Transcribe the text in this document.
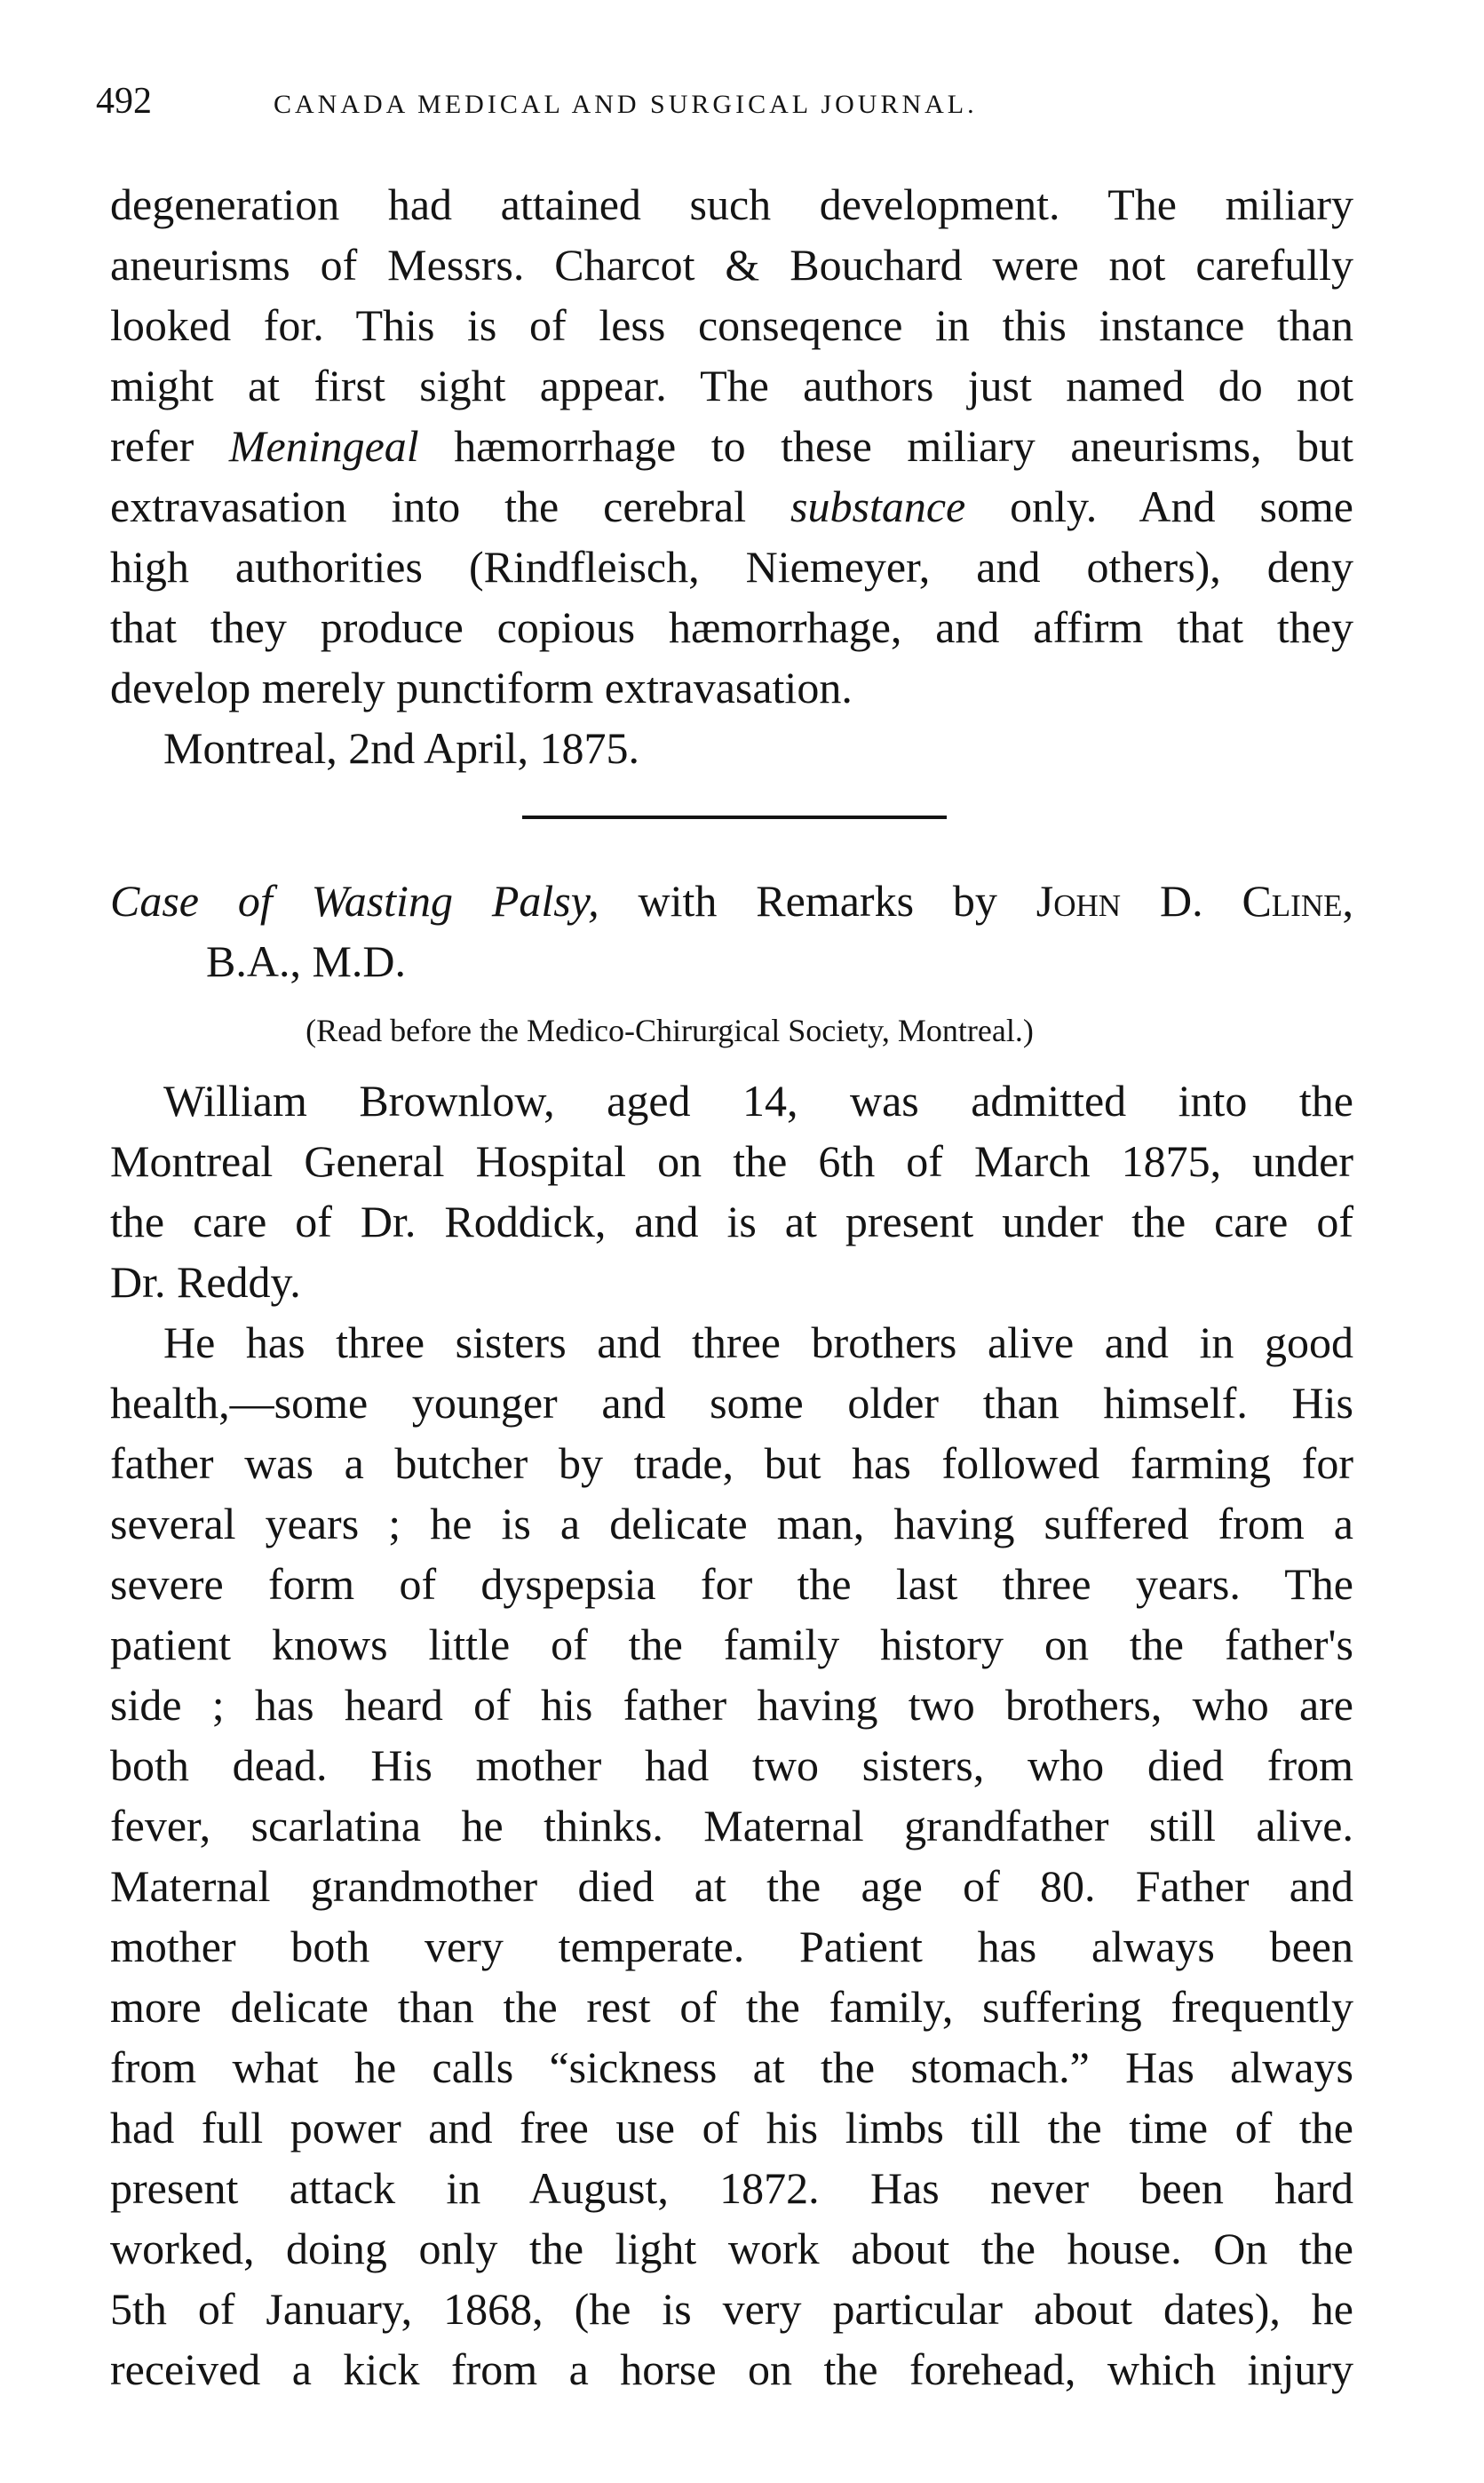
492	CANADA MEDICAL AND SURGICAL JOURNAL.
degeneration had attained such development. The miliary
aneurisms of Messrs. Charcot & Bouchard were not carefully
looked for. This is of less conseqence in this instance than
might at first sight appear. The authors just named do not
refer Meningeal hæmorrhage to these miliary aneurisms, but
extravasation into the cerebral substance only. And some
high authorities (Rindfleisch, Niemeyer, and others), deny
that they produce copious hæmorrhage, and affirm that they
develop merely punctiform extravasation.
Montreal, 2nd April, 1875.
Case of Wasting Palsy, with Remarks by John D. Cline,
B.A., M.D.
(Read before the Medico-Chirurgical Society, Montreal.)
William Brownlow, aged 14, was admitted into the
Montreal General Hospital on the 6th of March 1875, under
the care of Dr. Roddick, and is at present under the care of
Dr. Reddy.
He has three sisters and three brothers alive and in good
health,—some younger and some older than himself. His
father was a butcher by trade, but has followed farming for
several years ; he is a delicate man, having suffered from a
severe form of dyspepsia for the last three years. The
patient knows little of the family history on the father's
side ; has heard of his father having two brothers, who are
both dead. His mother had two sisters, who died from
fever, scarlatina he thinks. Maternal grandfather still alive.
Maternal grandmother died at the age of 80. Father and
mother both very temperate. Patient has always been
more delicate than the rest of the family, suffering frequently
from what he calls “sickness at the stomach.” Has always
had full power and free use of his limbs till the time of the
present attack in August, 1872. Has never been hard
worked, doing only the light work about the house. On the
5th of January, 1868, (he is very particular about dates), he
received a kick from a horse on the forehead, which injury
